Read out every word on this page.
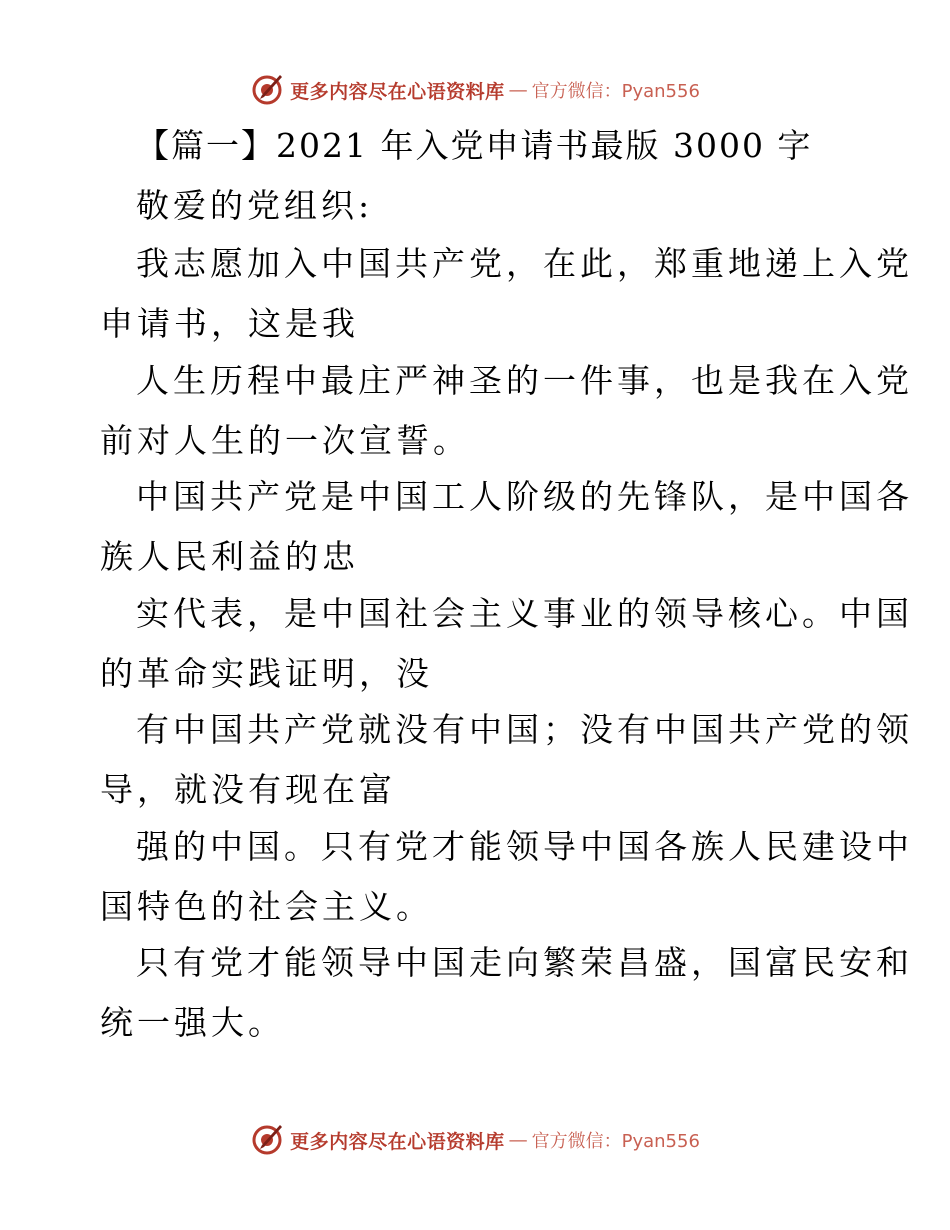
更多内容尽在心语资料库 — 官方微信：Pyan556
【篇一】2021 年入党申请书最版 3000 字
敬爱的党组织:
我志愿加入中国共产党，在此，郑重地递上入党
申请书，这是我
人生历程中最庄严神圣的一件事，也是我在入党
前对人生的一次宣誓。
中国共产党是中国工人阶级的先锋队，是中国各
族人民利益的忠
实代表，是中国社会主义事业的领导核心。中国
的革命实践证明，没
有中国共产党就没有中国；没有中国共产党的领
导，就没有现在富
强的中国。只有党才能领导中国各族人民建设中
国特色的社会主义。
只有党才能领导中国走向繁荣昌盛，国富民安和
统一强大。
更多内容尽在心语资料库 — 官方微信：Pyan556
